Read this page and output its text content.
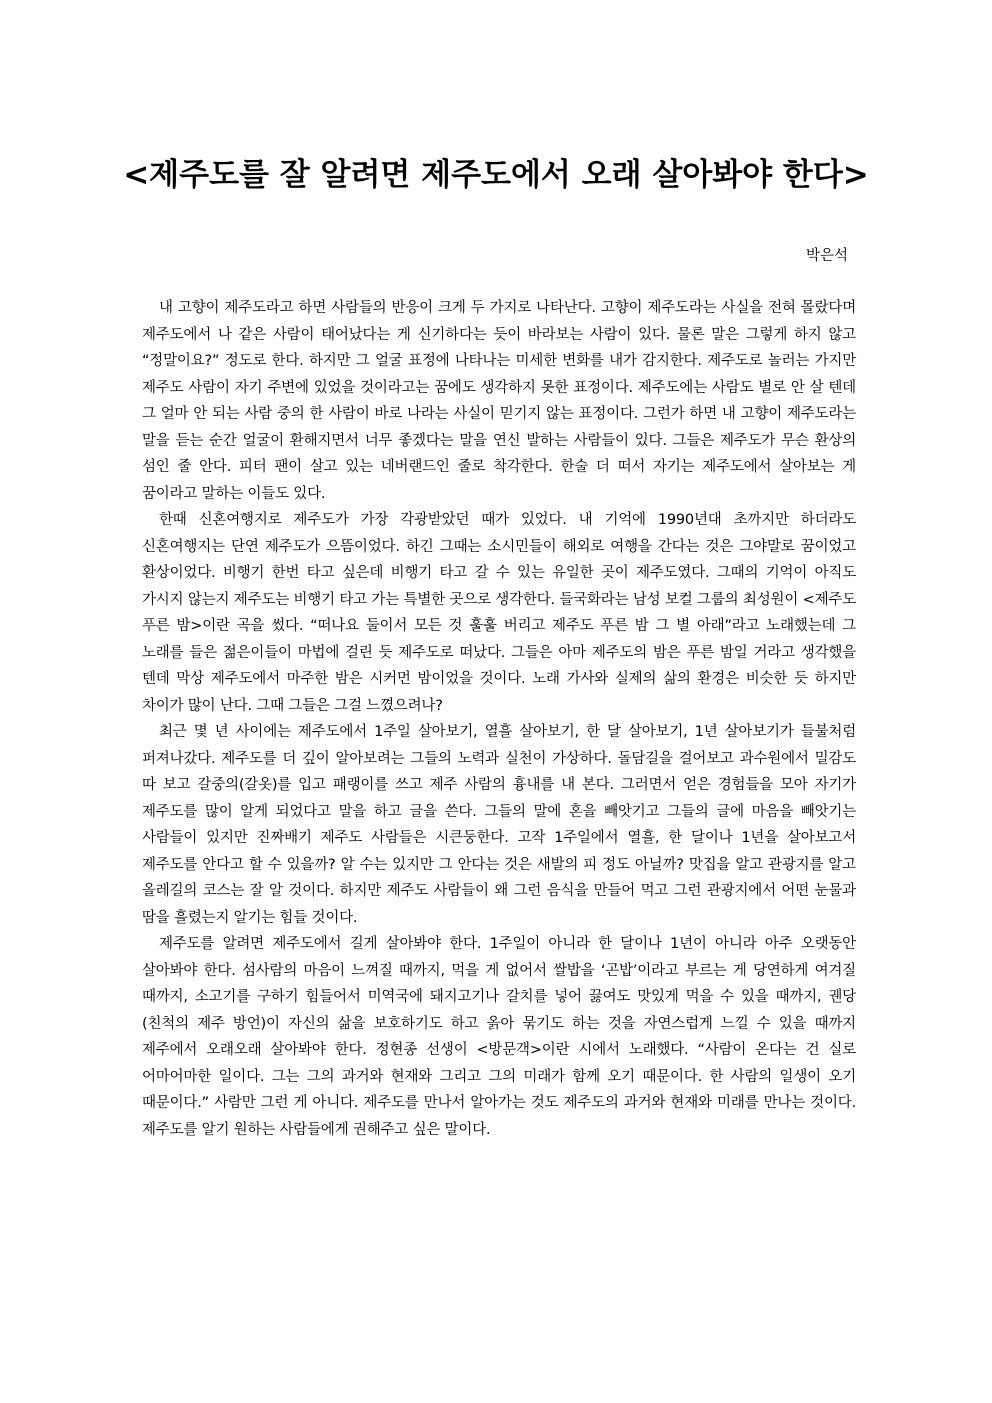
<제주도를 잘 알려면 제주도에서 오래 살아봐야 한다>
박은석

내 고향이 제주도라고 하면 사람들의 반응이 크게 두 가지로 나타난다. 고향이 제주도라는 사실을 전혀 몰랐다며 제주도에서 나 같은 사람이 태어났다는 게 신기하다는 듯이 바라보는 사람이 있다. 물론 말은 그렇게 하지 않고 “정말이요?” 정도로 한다. 하지만 그 얼굴 표정에 나타나는 미세한 변화를 내가 감지한다. 제주도로 놀러는 가지만 제주도 사람이 자기 주변에 있었을 것이라고는 꿈에도 생각하지 못한 표정이다. 제주도에는 사람도 별로 안 살 텐데 그 얼마 안 되는 사람 중의 한 사람이 바로 나라는 사실이 믿기지 않는 표정이다. 그런가 하면 내 고향이 제주도라는 말을 듣는 순간 얼굴이 환해지면서 너무 좋겠다는 말을 연신 발하는 사람들이 있다. 그들은 제주도가 무슨 환상의 섬인 줄 안다. 피터 팬이 살고 있는 네버랜드인 줄로 착각한다. 한술 더 떠서 자기는 제주도에서 살아보는 게 꿈이라고 말하는 이들도 있다.

한때 신혼여행지로 제주도가 가장 각광받았던 때가 있었다. 내 기억에 1990년대 초까지만 하더라도 신혼여행지는 단연 제주도가 으뜸이었다. 하긴 그때는 소시민들이 해외로 여행을 간다는 것은 그야말로 꿈이었고 환상이었다. 비행기 한번 타고 싶은데 비행기 타고 갈 수 있는 유일한 곳이 제주도였다. 그때의 기억이 아직도 가시지 않는지 제주도는 비행기 타고 가는 특별한 곳으로 생각한다. 들국화라는 남성 보컬 그룹의 최성원이 <제주도 푸른 밤>이란 곡을 썼다. “떠나요 둘이서 모든 것 훌훌 버리고 제주도 푸른 밤 그 별 아래”라고 노래했는데 그 노래를 들은 젊은이들이 마법에 걸린 듯 제주도로 떠났다. 그들은 아마 제주도의 밤은 푸른 밤일 거라고 생각했을 텐데 막상 제주도에서 마주한 밤은 시커먼 밤이었을 것이다. 노래 가사와 실제의 삶의 환경은 비슷한 듯 하지만 차이가 많이 난다. 그때 그들은 그걸 느꼈으려나?

최근 몇 년 사이에는 제주도에서 1주일 살아보기, 열흘 살아보기, 한 달 살아보기, 1년 살아보기가 들불처럼 퍼져나갔다. 제주도를 더 깊이 알아보려는 그들의 노력과 실천이 가상하다. 돌담길을 걸어보고 과수원에서 밀감도 따 보고 갈중의(갈옷)를 입고 패랭이를 쓰고 제주 사람의 흉내를 내 본다. 그러면서 얻은 경험들을 모아 자기가 제주도를 많이 알게 되었다고 말을 하고 글을 쓴다. 그들의 말에 혼을 빼앗기고 그들의 글에 마음을 빼앗기는 사람들이 있지만 진짜배기 제주도 사람들은 시큰둥한다. 고작 1주일에서 열흘, 한 달이나 1년을 살아보고서 제주도를 안다고 할 수 있을까? 알 수는 있지만 그 안다는 것은 새발의 피 정도 아닐까? 맛집을 알고 관광지를 알고 올레길의 코스는 잘 알 것이다. 하지만 제주도 사람들이 왜 그런 음식을 만들어 먹고 그런 관광지에서 어떤 눈물과 땀을 흘렸는지 알기는 힘들 것이다.

제주도를 알려면 제주도에서 길게 살아봐야 한다. 1주일이 아니라 한 달이나 1년이 아니라 아주 오랫동안 살아봐야 한다. 섬사람의 마음이 느껴질 때까지, 먹을 게 없어서 쌀밥을 ‘곤밥’이라고 부르는 게 당연하게 여겨질 때까지, 소고기를 구하기 힘들어서 미역국에 돼지고기나 갈치를 넣어 끓여도 맛있게 먹을 수 있을 때까지, 궨당(친척의 제주 방언)이 자신의 삶을 보호하기도 하고 옭아 묶기도 하는 것을 자연스럽게 느낄 수 있을 때까지 제주에서 오래오래 살아봐야 한다. 정현종 선생이 <방문객>이란 시에서 노래했다. “사람이 온다는 건 실로 어마어마한 일이다. 그는 그의 과거와 현재와 그리고 그의 미래가 함께 오기 때문이다. 한 사람의 일생이 오기 때문이다.” 사람만 그런 게 아니다. 제주도를 만나서 알아가는 것도 제주도의 과거와 현재와 미래를 만나는 것이다. 제주도를 알기 원하는 사람들에게 권해주고 싶은 말이다.
